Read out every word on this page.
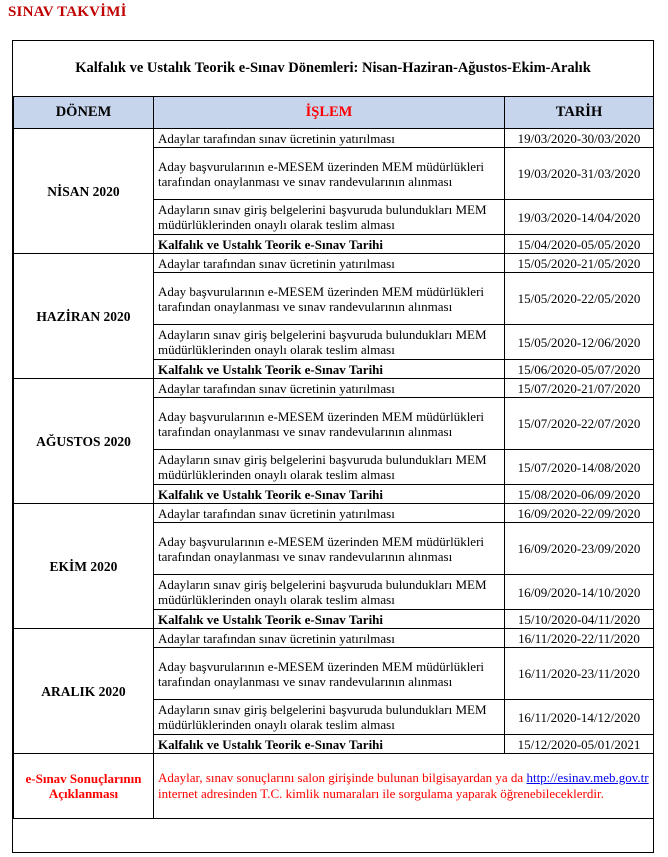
SINAV TAKVİMİ
Kalfalık ve Ustalık Teorik e-Sınav Dönemleri: Nisan-Haziran-Ağustos-Ekim-Aralık
DÖNEM	İŞLEM	TARİH
NİSAN 2020	Adaylar tarafından sınav ücretinin yatırılması	19/03/2020-30/03/2020
	Aday başvurularının e-MESEM üzerinden MEM müdürlükleri tarafından onaylanması ve sınav randevularının alınması	19/03/2020-31/03/2020
	Adayların sınav giriş belgelerini başvuruda bulundukları MEM müdürlüklerinden onaylı olarak teslim alması	19/03/2020-14/04/2020
	Kalfalık ve Ustalık Teorik e-Sınav Tarihi	15/04/2020-05/05/2020
HAZİRAN 2020	Adaylar tarafından sınav ücretinin yatırılması	15/05/2020-21/05/2020
	Aday başvurularının e-MESEM üzerinden MEM müdürlükleri tarafından onaylanması ve sınav randevularının alınması	15/05/2020-22/05/2020
	Adayların sınav giriş belgelerini başvuruda bulundukları MEM müdürlüklerinden onaylı olarak teslim alması	15/05/2020-12/06/2020
	Kalfalık ve Ustalık Teorik e-Sınav Tarihi	15/06/2020-05/07/2020
AĞUSTOS 2020	Adaylar tarafından sınav ücretinin yatırılması	15/07/2020-21/07/2020
	Aday başvurularının e-MESEM üzerinden MEM müdürlükleri tarafından onaylanması ve sınav randevularının alınması	15/07/2020-22/07/2020
	Adayların sınav giriş belgelerini başvuruda bulundukları MEM müdürlüklerinden onaylı olarak teslim alması	15/07/2020-14/08/2020
	Kalfalık ve Ustalık Teorik e-Sınav Tarihi	15/08/2020-06/09/2020
EKİM 2020	Adaylar tarafından sınav ücretinin yatırılması	16/09/2020-22/09/2020
	Aday başvurularının e-MESEM üzerinden MEM müdürlükleri tarafından onaylanması ve sınav randevularının alınması	16/09/2020-23/09/2020
	Adayların sınav giriş belgelerini başvuruda bulundukları MEM müdürlüklerinden onaylı olarak teslim alması	16/09/2020-14/10/2020
	Kalfalık ve Ustalık Teorik e-Sınav Tarihi	15/10/2020-04/11/2020
ARALIK 2020	Adaylar tarafından sınav ücretinin yatırılması	16/11/2020-22/11/2020
	Aday başvurularının e-MESEM üzerinden MEM müdürlükleri tarafından onaylanması ve sınav randevularının alınması	16/11/2020-23/11/2020
	Adayların sınav giriş belgelerini başvuruda bulundukları MEM müdürlüklerinden onaylı olarak teslim alması	16/11/2020-14/12/2020
	Kalfalık ve Ustalık Teorik e-Sınav Tarihi	15/12/2020-05/01/2021
e-Sınav Sonuçlarının Açıklanması	Adaylar, sınav sonuçlarını salon girişinde bulunan bilgisayardan ya da http://esinav.meb.gov.tr internet adresinden T.C. kimlik numaraları ile sorgulama yaparak öğrenebileceklerdir.	
